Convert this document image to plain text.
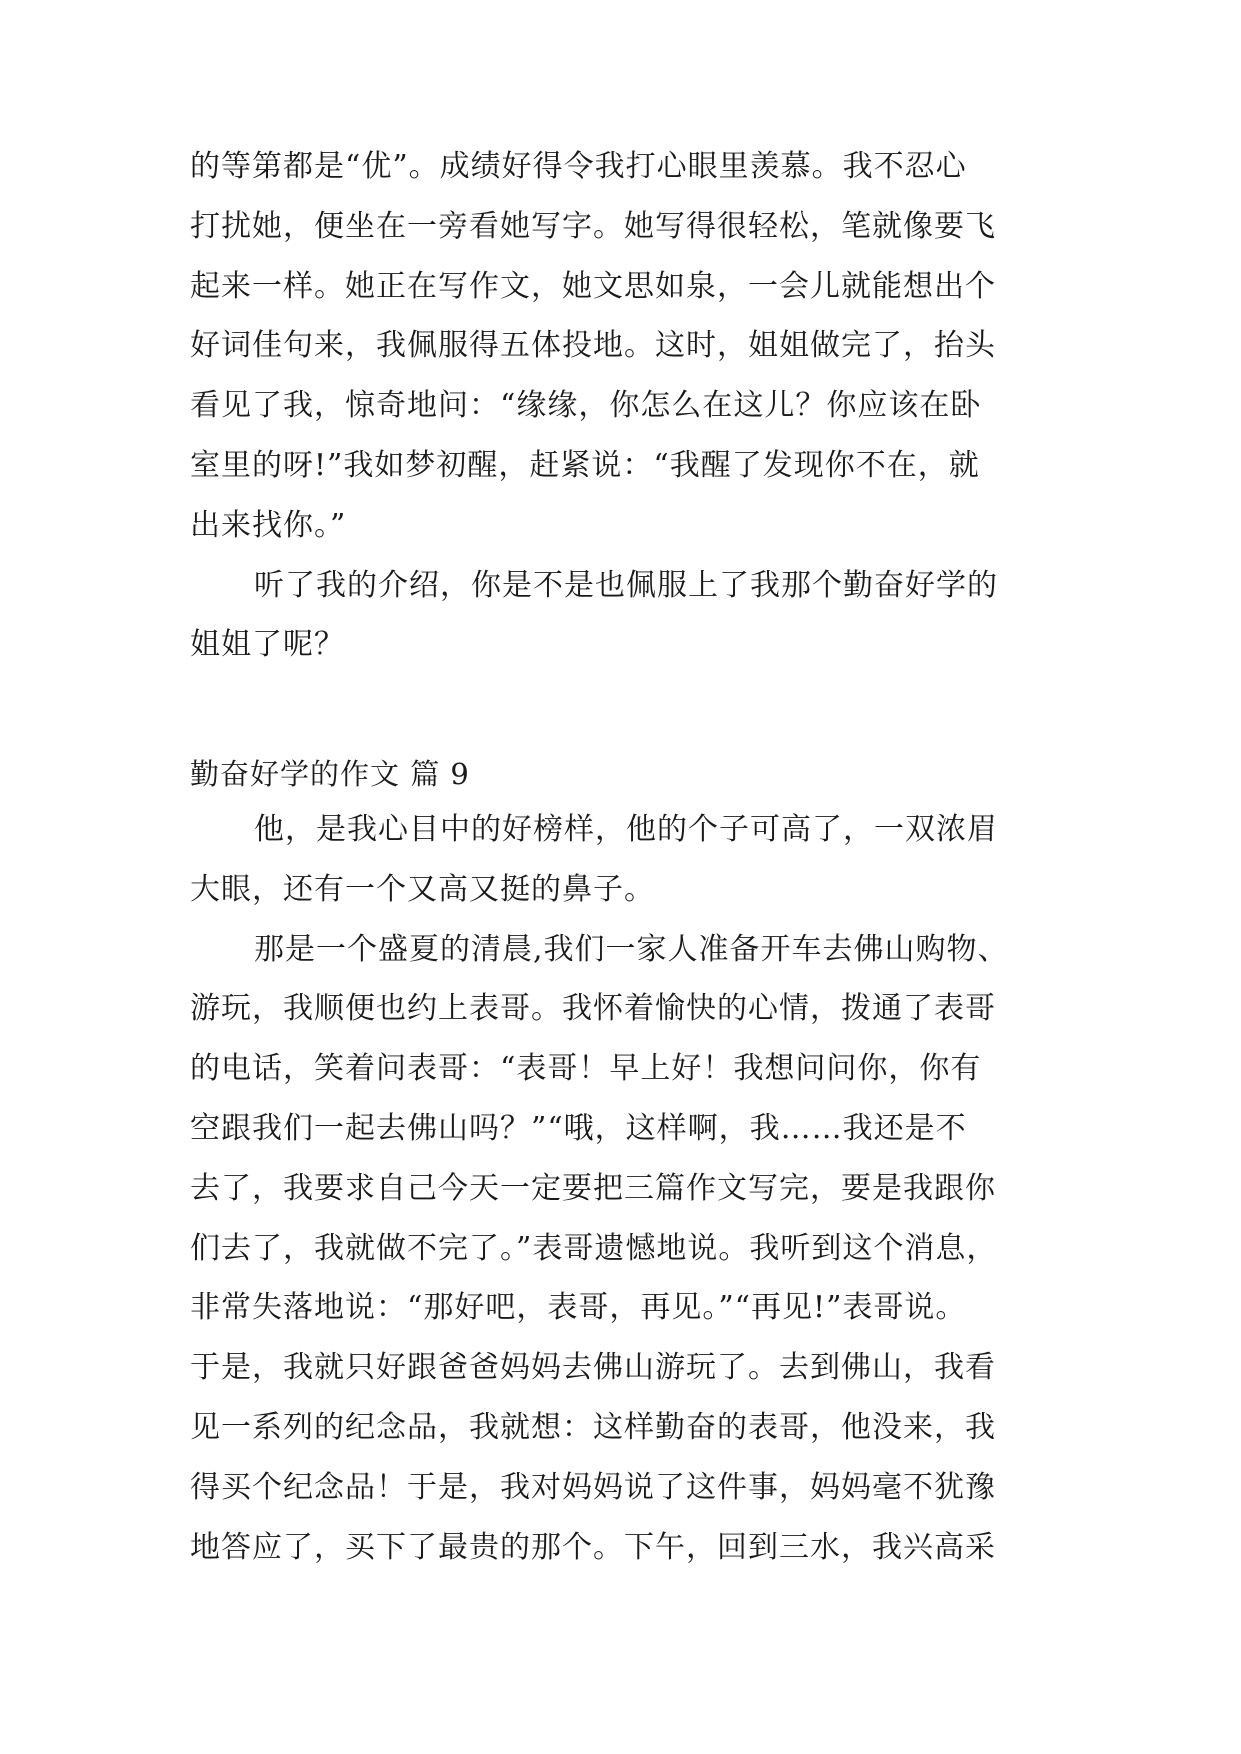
的等第都是“优”。成绩好得令我打心眼里羡慕。我不忍心
打扰她，便坐在一旁看她写字。她写得很轻松，笔就像要飞
起来一样。她正在写作文，她文思如泉，一会儿就能想出个
好词佳句来，我佩服得五体投地。这时，姐姐做完了，抬头
看见了我，惊奇地问：“缘缘，你怎么在这儿？你应该在卧
室里的呀!”我如梦初醒，赶紧说：“我醒了发现你不在，就
出来找你。”
听了我的介绍，你是不是也佩服上了我那个勤奋好学的
姐姐了呢？
勤奋好学的作文 篇 9
他，是我心目中的好榜样，他的个子可高了，一双浓眉
大眼，还有一个又高又挺的鼻子。
那是一个盛夏的清晨,我们一家人准备开车去佛山购物、
游玩，我顺便也约上表哥。我怀着愉快的心情，拨通了表哥
的电话，笑着问表哥：“表哥！早上好！我想问问你，你有
空跟我们一起去佛山吗？”“哦，这样啊，我……我还是不
去了，我要求自己今天一定要把三篇作文写完，要是我跟你
们去了，我就做不完了。”表哥遗憾地说。我听到这个消息，
非常失落地说：“那好吧，表哥，再见。”“再见!”表哥说。
于是，我就只好跟爸爸妈妈去佛山游玩了。去到佛山，我看
见一系列的纪念品，我就想：这样勤奋的表哥，他没来，我
得买个纪念品！于是，我对妈妈说了这件事，妈妈毫不犹豫
地答应了，买下了最贵的那个。下午，回到三水，我兴高采
